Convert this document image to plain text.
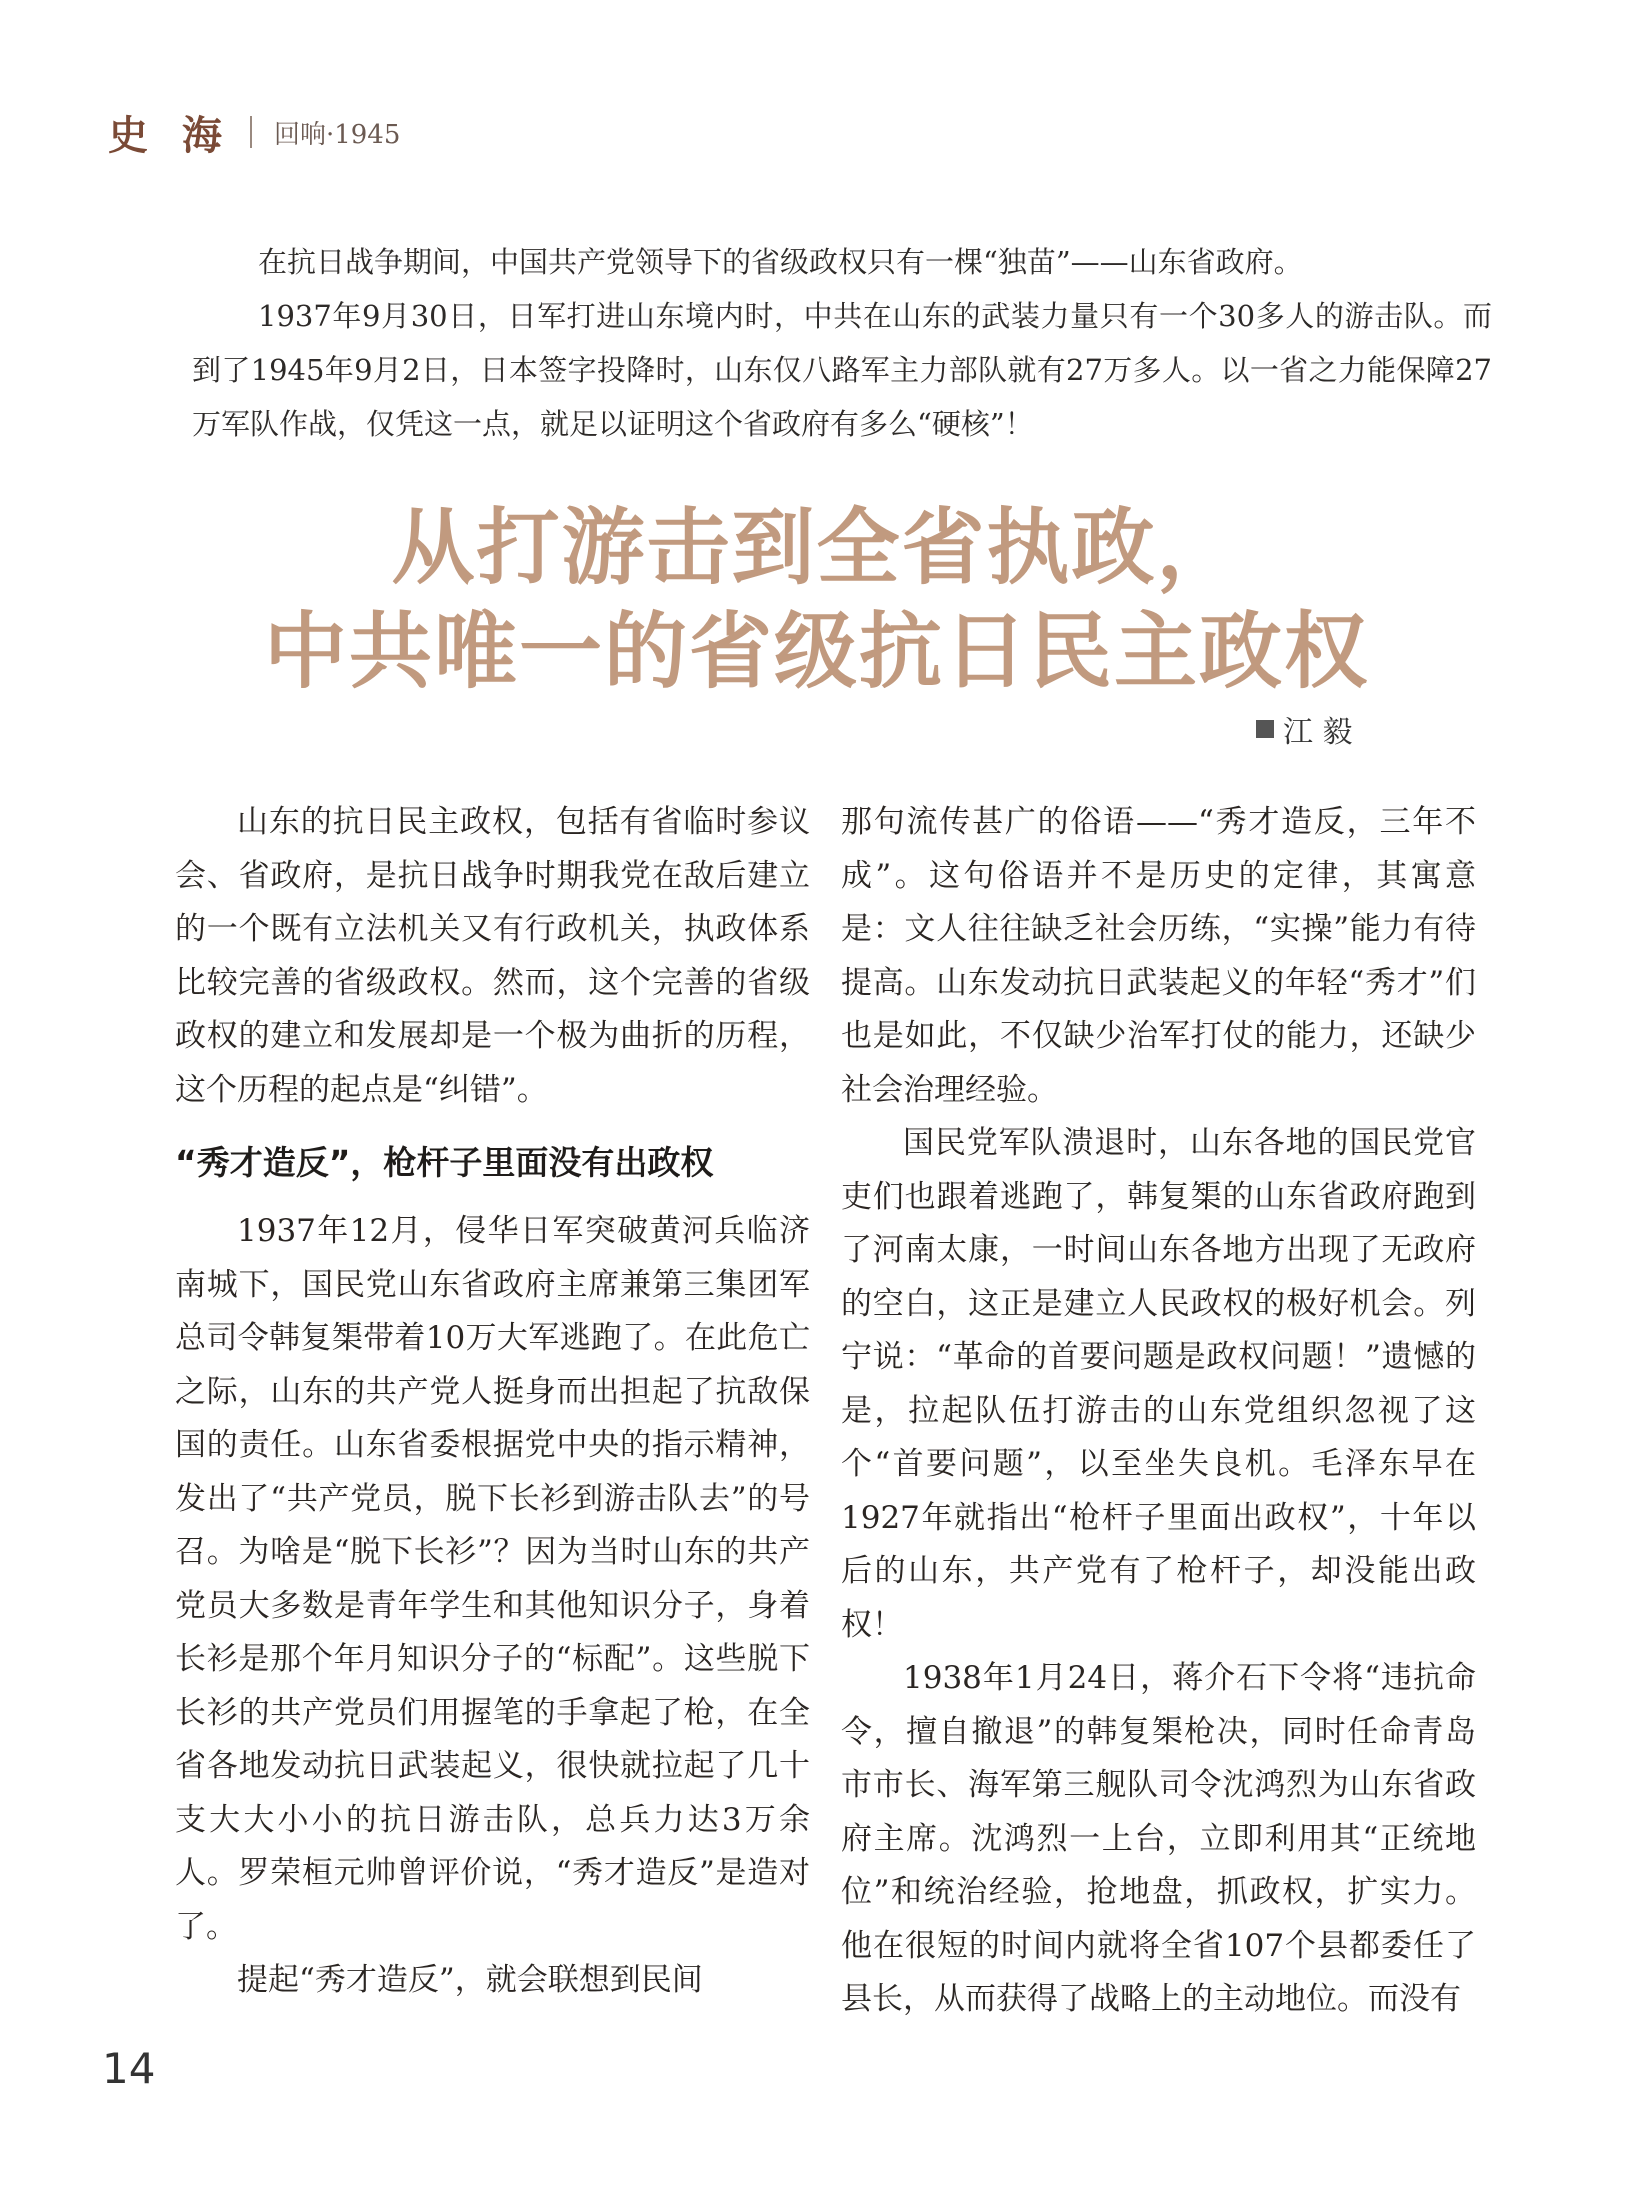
史 海 回响·1945

在抗日战争期间，中国共产党领导下的省级政权只有一棵“独苗”——山东省政府。

1937年9月30日，日军打进山东境内时，中共在山东的武装力量只有一个30多人的游击队。而到了1945年9月2日，日本签字投降时，山东仅八路军主力部队就有27万多人。以一省之力能保障27万军队作战，仅凭这一点，就足以证明这个省政府有多么“硬核”！

从打游击到全省执政，
中共唯一的省级抗日民主政权
江 毅

山东的抗日民主政权，包括有省临时参议会、省政府，是抗日战争时期我党在敌后建立的一个既有立法机关又有行政机关，执政体系比较完善的省级政权。然而，这个完善的省级政权的建立和发展却是一个极为曲折的历程，这个历程的起点是“纠错”。

“秀才造反”，枪杆子里面没有出政权

1937年12月，侵华日军突破黄河兵临济南城下，国民党山东省政府主席兼第三集团军总司令韩复榘带着10万大军逃跑了。在此危亡之际，山东的共产党人挺身而出担起了抗敌保国的责任。山东省委根据党中央的指示精神，发出了“共产党员，脱下长衫到游击队去”的号召。为啥是“脱下长衫”？因为当时山东的共产党员大多数是青年学生和其他知识分子，身着长衫是那个年月知识分子的“标配”。这些脱下长衫的共产党员们用握笔的手拿起了枪，在全省各地发动抗日武装起义，很快就拉起了几十支大大小小的抗日游击队，总兵力达3万余人。罗荣桓元帅曾评价说，“秀才造反”是造对了。

提起“秀才造反”，就会联想到民间

那句流传甚广的俗语——“秀才造反，三年不成”。这句俗语并不是历史的定律，其寓意是：文人往往缺乏社会历练，“实操”能力有待提高。山东发动抗日武装起义的年轻“秀才”们也是如此，不仅缺少治军打仗的能力，还缺少社会治理经验。

国民党军队溃退时，山东各地的国民党官吏们也跟着逃跑了，韩复榘的山东省政府跑到了河南太康，一时间山东各地方出现了无政府的空白，这正是建立人民政权的极好机会。列宁说：“革命的首要问题是政权问题！”遗憾的是，拉起队伍打游击的山东党组织忽视了这个“首要问题”，以至坐失良机。毛泽东早在1927年就指出“枪杆子里面出政权”，十年以后的山东，共产党有了枪杆子，却没能出政权！

1938年1月24日，蒋介石下令将“违抗命令，擅自撤退”的韩复榘枪决，同时任命青岛市市长、海军第三舰队司令沈鸿烈为山东省政府主席。沈鸿烈一上台，立即利用其“正统地位”和统治经验，抢地盘，抓政权，扩实力。他在很短的时间内就将全省107个县都委任了县长，从而获得了战略上的主动地位。而没有

14
